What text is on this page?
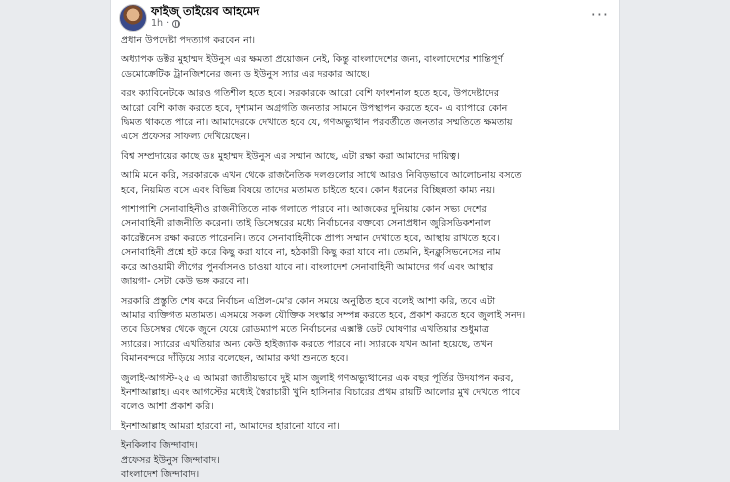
ফাইজ্ তাইয়েব আহমেদ
1h ·	···

প্রধান উপদেষ্টা পদত্যাগ করবেন না।

অধ্যাপক ডক্টর মুহাম্মদ ইউনুস এর ক্ষমতা প্রয়োজন নেই, কিন্তু বাংলাদেশের জন্য, বাংলাদেশের শান্তিপূর্ণ
ডেমোক্রেটিক ট্রানজিশনের জন্য ড ইউনুস স্যার এর দরকার আছে।

বরং ক্যাবিনেটকে আরও গতিশীল হতে হবে। সরকারকে আরো বেশি ফাংশনাল হতে হবে, উপদেষ্টাদের
আরো বেশি কাজ করতে হবে, দৃশ্যমান অগ্রগতি জনতার সামনে উপস্থাপন করতে হবে- এ ব্যাপারে কোন
দ্বিমত থাকতে পারে না। আমাদেরকে দেখাতে হবে যে, গণঅভ্যুত্থান পরবর্তীতে জনতার সম্মতিতে ক্ষমতায়
এসে প্রফেসর সাফল্য দেখিয়েছেন।

বিশ্ব সম্প্রদায়ের কাছে ডঃ মুহাম্মদ ইউনুস এর সম্মান আছে, এটা রক্ষা করা আমাদের দায়িত্ব।

আমি মনে করি, সরকারকে এখন থেকে রাজনৈতিক দলগুলোর সাথে আরও নিবিড়ভাবে আলোচনায় বসতে
হবে, নিয়মিত বসে এবং বিভিন্ন বিষয়ে তাদের মতামত চাইতে হবে। কোন ধরনের বিচ্ছিন্নতা কাম্য নয়।

পাশাপাশি সেনাবাহিনীও রাজনীতিতে নাক গলাতে পারবে না। আজকের দুনিয়ায় কোন সভ্য দেশের
সেনাবাহিনী রাজনীতি করেনা। তাই ডিসেম্বরের মধ্যে নির্বাচনের বক্তব্যে সেনাপ্রধান জুরিসডিকশনাল
কারেক্টনেস রক্ষা করতে পারেননি। তবে সেনাবাহিনীকে প্রাপ্য সম্মান দেখাতে হবে, আস্থায় রাখতে হবে।
সেনাবাহিনী প্রশ্নে হট করে কিছু করা যাবে না, হঠকারী কিছু করা যাবে না। তেমনি, ইনক্লুসিভনেসের নাম
করে আওয়ামী লীগের পুনর্বাসনও চাওয়া যাবে না। বাংলাদেশ সেনাবাহিনী আমাদের গর্ব এবং আস্থার
জায়গা- সেটা কেউ ভঙ্গ করবে না।

সরকারি প্রস্তুতি শেষ করে নির্বাচন এপ্রিল-মে'র কোন সময়ে অনুষ্ঠিত হবে বলেই আশা করি, তবে এটা
আমার ব্যক্তিগত মতামত। এসময়ে সকল যৌক্তিক সংস্কার সম্পন্ন করতে হবে, প্রকাশ করতে হবে জুলাই সনদ।
তবে ডিসেম্বর থেকে জুনে যেয়ে রোডম্যাপ মতে নির্বাচনের এক্সাক্ট ডেট ঘোষণার এখতিয়ার শুধুমাত্র
স্যারের। স্যারের এখতিয়ার অন্য কেউ হাইজ্যাক করতে পারবে না। স্যারকে যখন আনা হয়েছে, তখন
বিমানবন্দরে দাঁড়িয়ে স্যার বলেছেন, আমার কথা শুনতে হবে।

জুলাই-আগস্ট-২৫ এ আমরা জাতীয়ভাবে দুই মাস জুলাই গণঅভ্যুত্থানের এক বছর পূর্তির উদযাপন করব,
ইনশাআল্লাহ। এবং আগস্টের মধ্যেই স্বৈরাচারী খুনি হাসিনার বিচারের প্রথম রায়টি আলোর মুখ দেখতে পাবে
বলেও আশা প্রকাশ করি।

ইনশাআল্লাহ আমরা হারবো না, আমাদের হারানো যাবে না।

ইনকিলাব জিন্দাবাদ।
প্রফেসর ইউনুস জিন্দাবাদ।
বাংলাদেশ জিন্দাবাদ।
